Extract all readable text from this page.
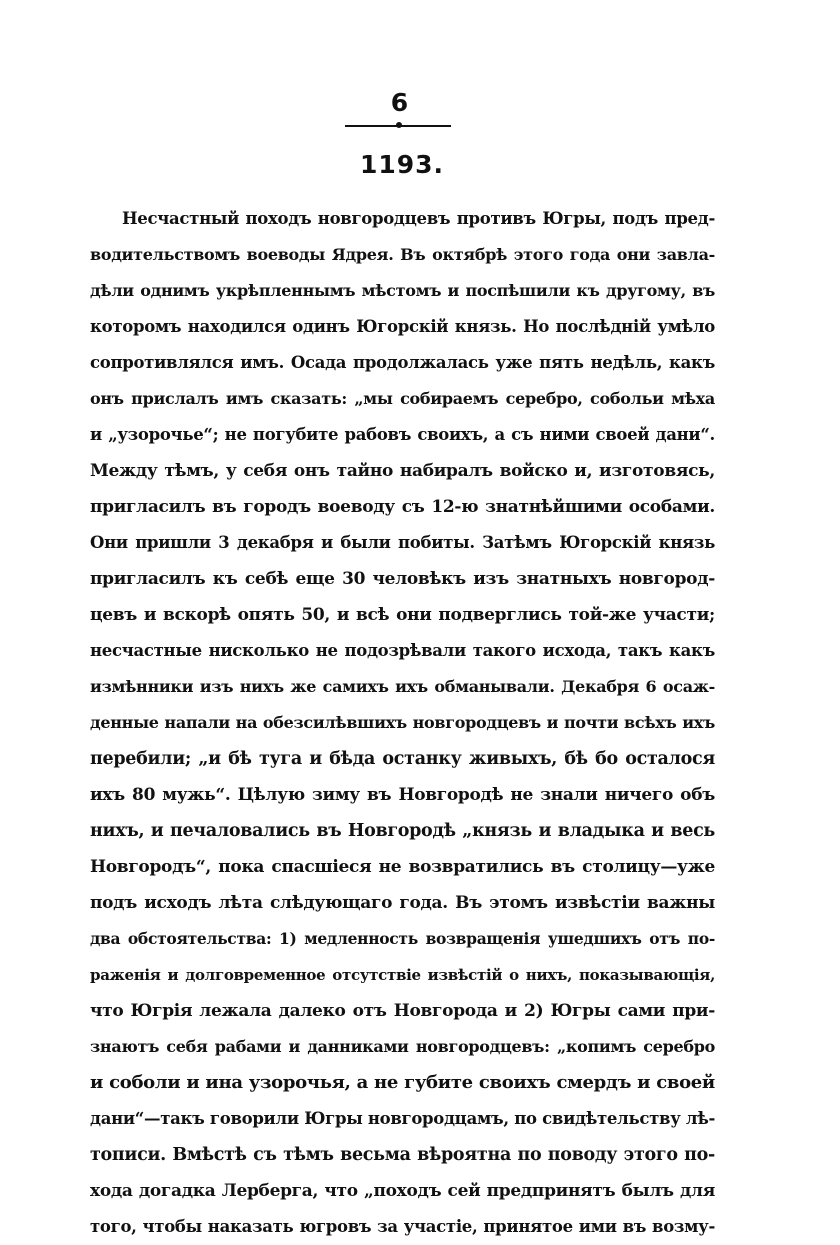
6
1193.
Несчастный походъ новгородцевъ противъ Югры, подъ пред-
водительствомъ воеводы Ядрея. Въ октябрѣ этого года они завла-
дѣли однимъ укрѣпленнымъ мѣстомъ и поспѣшили къ другому, въ
которомъ находился одинъ Югорскій князь. Но послѣдній умѣло
сопротивлялся имъ. Осада продолжалась уже пять недѣль, какъ
онъ прислалъ имъ сказать: „мы собираемъ серебро, собольи мѣха
и „узорочье“; не погубите рабовъ своихъ, а съ ними своей дани“.
Между тѣмъ, у себя онъ тайно набиралъ войско и, изготовясь,
пригласилъ въ городъ воеводу съ 12-ю знатнѣйшими особами.
Они пришли 3 декабря и были побиты. Затѣмъ Югорскій князь
пригласилъ къ себѣ еще 30 человѣкъ изъ знатныхъ новгород-
цевъ и вскорѣ опять 50, и всѣ они подверглись той-же участи;
несчастные нисколько не подозрѣвали такого исхода, такъ какъ
измѣнники изъ нихъ же самихъ ихъ обманывали. Декабря 6 осаж-
денные напали на обезсилѣвшихъ новгородцевъ и почти всѣхъ ихъ
перебили; „и бѣ туга и бѣда останку живыхъ, бѣ бо осталося
ихъ 80 мужь“. Цѣлую зиму въ Новгородѣ не знали ничего объ
нихъ, и печаловались въ Новгородѣ „князь и владыка и весь
Новгородъ“, пока спасшіеся не возвратились въ столицу—уже
подъ исходъ лѣта слѣдующаго года. Въ этомъ извѣстіи важны
два обстоятельства: 1) медленность возвращенія ушедшихъ отъ по-
раженія и долговременное отсутствіе извѣстій о нихъ, показывающія,
что Югрія лежала далеко отъ Новгорода и 2) Югры сами при-
знаютъ себя рабами и данниками новгородцевъ: „копимъ серебро
и соболи и ина узорочья, а не губите своихъ смердъ и своей
дани“—такъ говорили Югры новгородцамъ, по свидѣтельству лѣ-
тописи. Вмѣстѣ съ тѣмъ весьма вѣроятна по поводу этого по-
хода догадка Лерберга, что „походъ сей предпринятъ былъ для
того, чтобы наказать югровъ за участіе, принятое ими въ возму-
